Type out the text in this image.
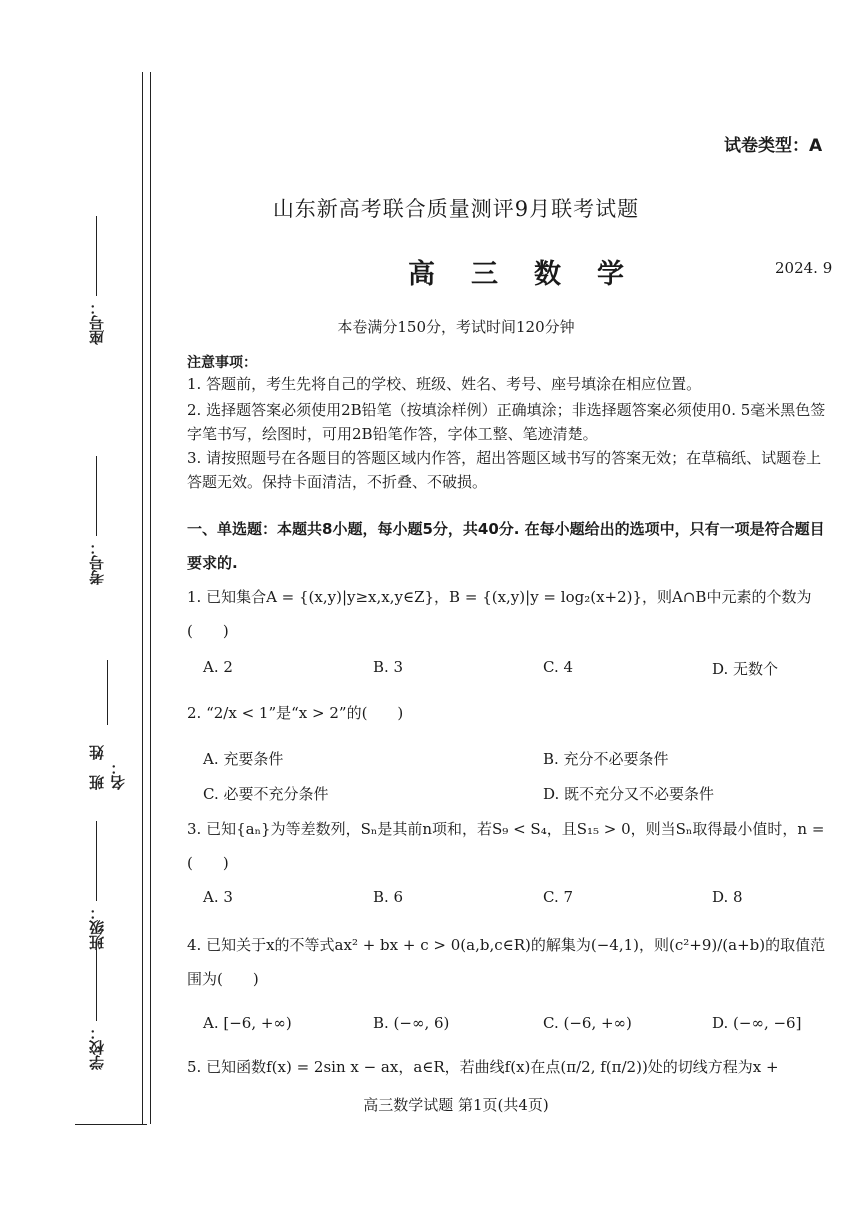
座号：
考号：
班　姓名：
班级：
学校：
试卷类型：A
山东新高考联合质量测评9月联考试题
高三数学	2024. 9
本卷满分150分，考试时间120分钟
注意事项：
1. 答题前，考生先将自己的学校、班级、姓名、考号、座号填涂在相应位置。
2. 选择题答案必须使用2B铅笔（按填涂样例）正确填涂；非选择题答案必须使用0. 5毫米黑色签字笔书写，绘图时，可用2B铅笔作答，字体工整、笔迹清楚。
3. 请按照题号在各题目的答题区域内作答，超出答题区域书写的答案无效；在草稿纸、试题卷上答题无效。保持卡面清洁，不折叠、不破损。
一、单选题：本题共8小题，每小题5分，共40分. 在每小题给出的选项中，只有一项是符合题目要求的.
1. 已知集合A = {(x,y)|y≥x,x,y∈Z}，B = {(x,y)|y = log₂(x+2)}，则A∩B中元素的个数为(　　)
A. 2	B. 3	C. 4	D. 无数个
2. “2/x < 1”是“x > 2”的(　　)
A. 充要条件	B. 充分不必要条件
C. 必要不充分条件	D. 既不充分又不必要条件
3. 已知{aₙ}为等差数列，Sₙ是其前n项和，若S₉ < S₄，且S₁₅ > 0，则当Sₙ取得最小值时，n = (　　)
A. 3	B. 6	C. 7	D. 8
4. 已知关于x的不等式ax² + bx + c > 0(a,b,c∈R)的解集为(−4,1)，则(c²+9)/(a+b)的取值范围为(　　)
A. [−6, +∞)	B. (−∞, 6)	C. (−6, +∞)	D. (−∞, −6]
5. 已知函数f(x) = 2sin x − ax，a∈R，若曲线f(x)在点(π/2, f(π/2))处的切线方程为x +
高三数学试题 第1页(共4页)
